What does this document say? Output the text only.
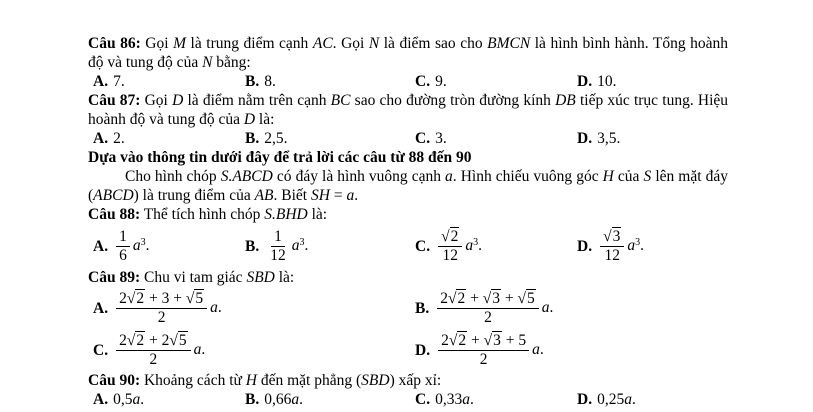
Câu 86: Gọi M là trung điểm cạnh AC. Gọi N là điểm sao cho BMCN là hình bình hành. Tổng hoành độ và tung độ của N bằng:

A. 7.	B. 8.	C. 9.	D. 10.

Câu 87: Gọi D là điểm nằm trên cạnh BC sao cho đường tròn đường kính DB tiếp xúc trục tung. Hiệu hoành độ và tung độ của D là:

A. 2.	B. 2,5.	C. 3.	D. 3,5.

Dựa vào thông tin dưới đây để trả lời các câu từ 88 đến 90

Cho hình chóp S.ABCD có đáy là hình vuông cạnh a. Hình chiếu vuông góc H của S lên mặt đáy (ABCD) là trung điểm của AB. Biết SH = a.

Câu 88: Thể tích hình chóp S.BHD là:

A. $\frac{1}{6} a^3$.	B. $\frac{1}{12} a^3$.	C. $\frac{√2}{12} a^3$.	D. $\frac{√3}{12} a^3$.

Câu 89: Chu vi tam giác SBD là:

A. $\frac{2√2 + 3 + √5}{2} a$.	B. $\frac{2√2 + √3 + √5}{2} a$.
C. $\frac{2√2 + 2√5}{2} a$.	D. $\frac{2√2 + √3 + 5}{2} a$.

Câu 90: Khoảng cách từ H đến mặt phẳng (SBD) xấp xỉ:

A. 0,5a.	B. 0,66a.	C. 0,33a.	D. 0,25a.
